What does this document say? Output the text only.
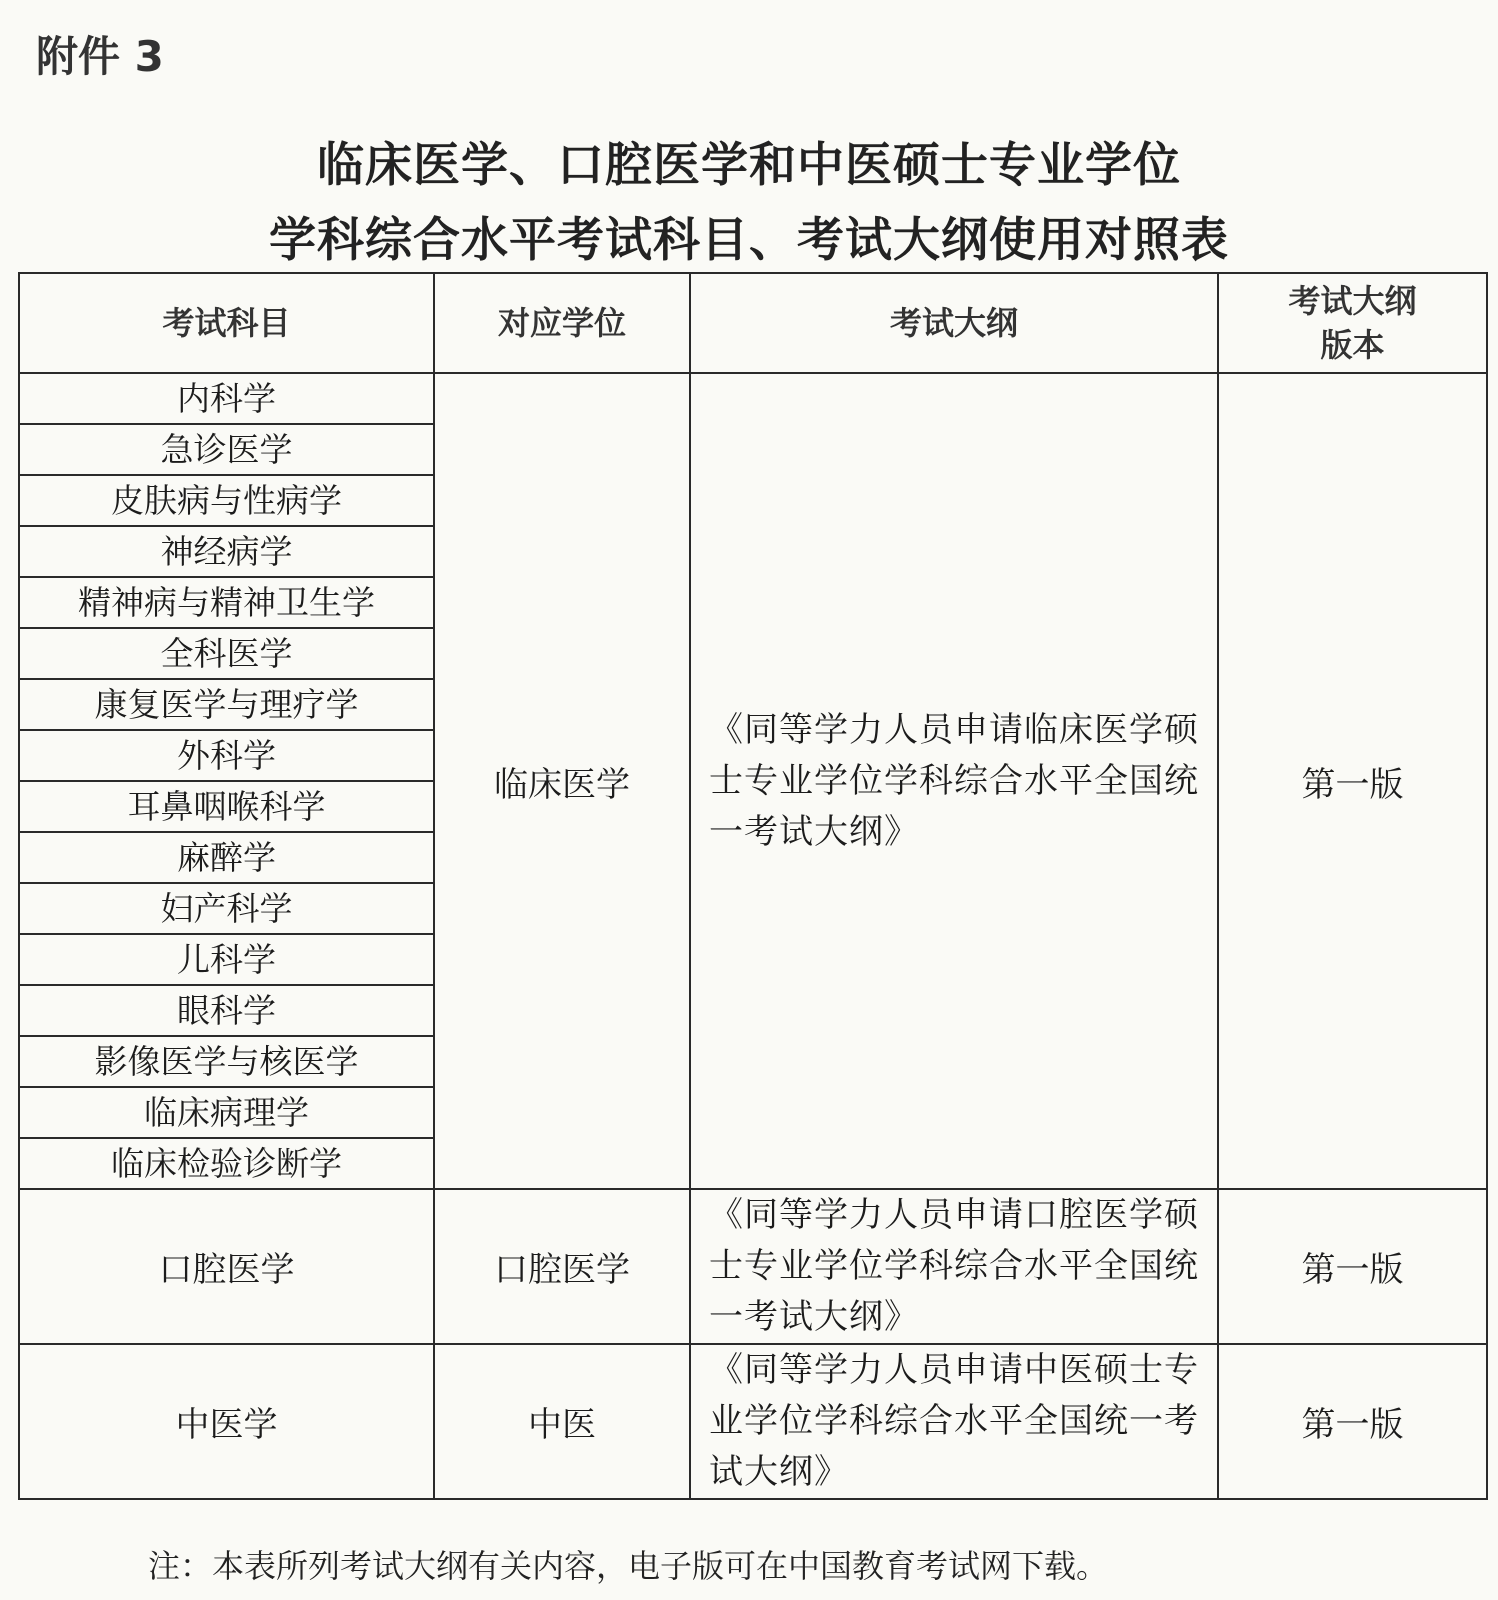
附件 3
临床医学、口腔医学和中医硕士专业学位
学科综合水平考试科目、考试大纲使用对照表
考试科目	对应学位	考试大纲	考试大纲
版本
内科学	临床医学	《同等学力人员申请临床医学硕士专业学位学科综合水平全国统一考试大纲》	第一版
急诊医学			
皮肤病与性病学			
神经病学			
精神病与精神卫生学			
全科医学			
康复医学与理疗学			
外科学			
耳鼻咽喉科学			
麻醉学			
妇产科学			
儿科学			
眼科学			
影像医学与核医学			
临床病理学			
临床检验诊断学			
口腔医学	口腔医学	《同等学力人员申请口腔医学硕士专业学位学科综合水平全国统一考试大纲》	第一版
中医学	中医	《同等学力人员申请中医硕士专业学位学科综合水平全国统一考试大纲》	第一版
注：本表所列考试大纲有关内容，电子版可在中国教育考试网下载。
